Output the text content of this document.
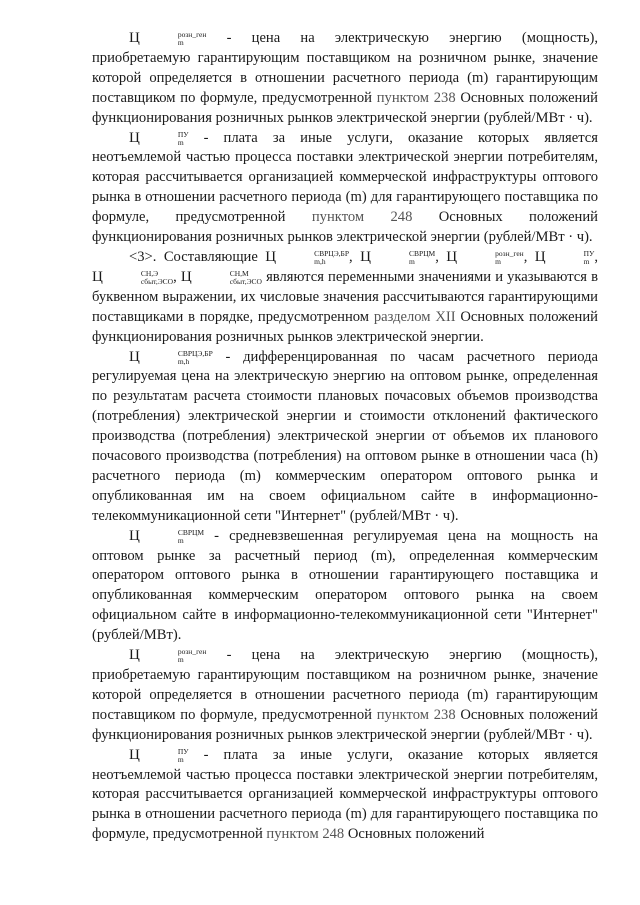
Ц	розн_ген
m	- цена на электрическую энергию (мощность), приобретаемую гарантирующим поставщиком на розничном рынке, значение которой определяется в отношении расчетного периода (m) гарантирующим поставщиком по формуле, предусмотренной пунктом 238 Основных положений функционирования розничных рынков электрической энергии (рублей/МВт · ч).

Ц	ПУ
m	- плата за иные услуги, оказание которых является неотъемлемой частью процесса поставки электрической энергии потребителям, которая рассчитывается организацией коммерческой инфраструктуры оптового рынка в отношении расчетного периода (m) для гарантирующего поставщика по формуле, предусмотренной пунктом 248 Основных положений функционирования розничных рынков электрической энергии (рублей/МВт · ч).

<3>. Составляющие Ц	СВРЦЭ,БР
m,h	, Ц	СВРЦМ
m	, Ц	розн_ген
m	, Ц	ПУ
m , Ц	СН,Э
сбыт,ЭСО , Ц	СН,М
сбыт,ЭСО являются переменными значениями и указываются в буквенном выражении, их числовые значения рассчитываются гарантирующими поставщиками в порядке, предусмотренном разделом XII Основных положений функционирования розничных рынков электрической энергии.

Ц	СВРЦЭ,БР
m,h	- дифференцированная по часам расчетного периода регулируемая цена на электрическую энергию на оптовом рынке, определенная по результатам расчета стоимости плановых почасовых объемов производства (потребления) электрической энергии и стоимости отклонений фактического производства (потребления) электрической энергии от объемов их планового почасового производства (потребления) на оптовом рынке в отношении часа (h) расчетного периода (m) коммерческим оператором оптового рынка и опубликованная им на своем официальном сайте в информационно-телекоммуникационной сети "Интернет" (рублей/МВт · ч).

Ц	СВРЦМ
m	- средневзвешенная регулируемая цена на мощность на оптовом рынке за расчетный период (m), определенная коммерческим оператором оптового рынка в отношении гарантирующего поставщика и опубликованная коммерческим оператором оптового рынка на своем официальном сайте в информационно-телекоммуникационной сети "Интернет" (рублей/МВт).

Ц	розн_ген
m	- цена на электрическую энергию (мощность), приобретаемую гарантирующим поставщиком на розничном рынке, значение которой определяется в отношении расчетного периода (m) гарантирующим поставщиком по формуле, предусмотренной пунктом 238 Основных положений функционирования розничных рынков электрической энергии (рублей/МВт · ч).

Ц	ПУ
m	- плата за иные услуги, оказание которых является неотъемлемой частью процесса поставки электрической энергии потребителям, которая рассчитывается организацией коммерческой инфраструктуры оптового рынка в отношении расчетного периода (m) для гарантирующего поставщика по формуле, предусмотренной пунктом 248 Основных положений
